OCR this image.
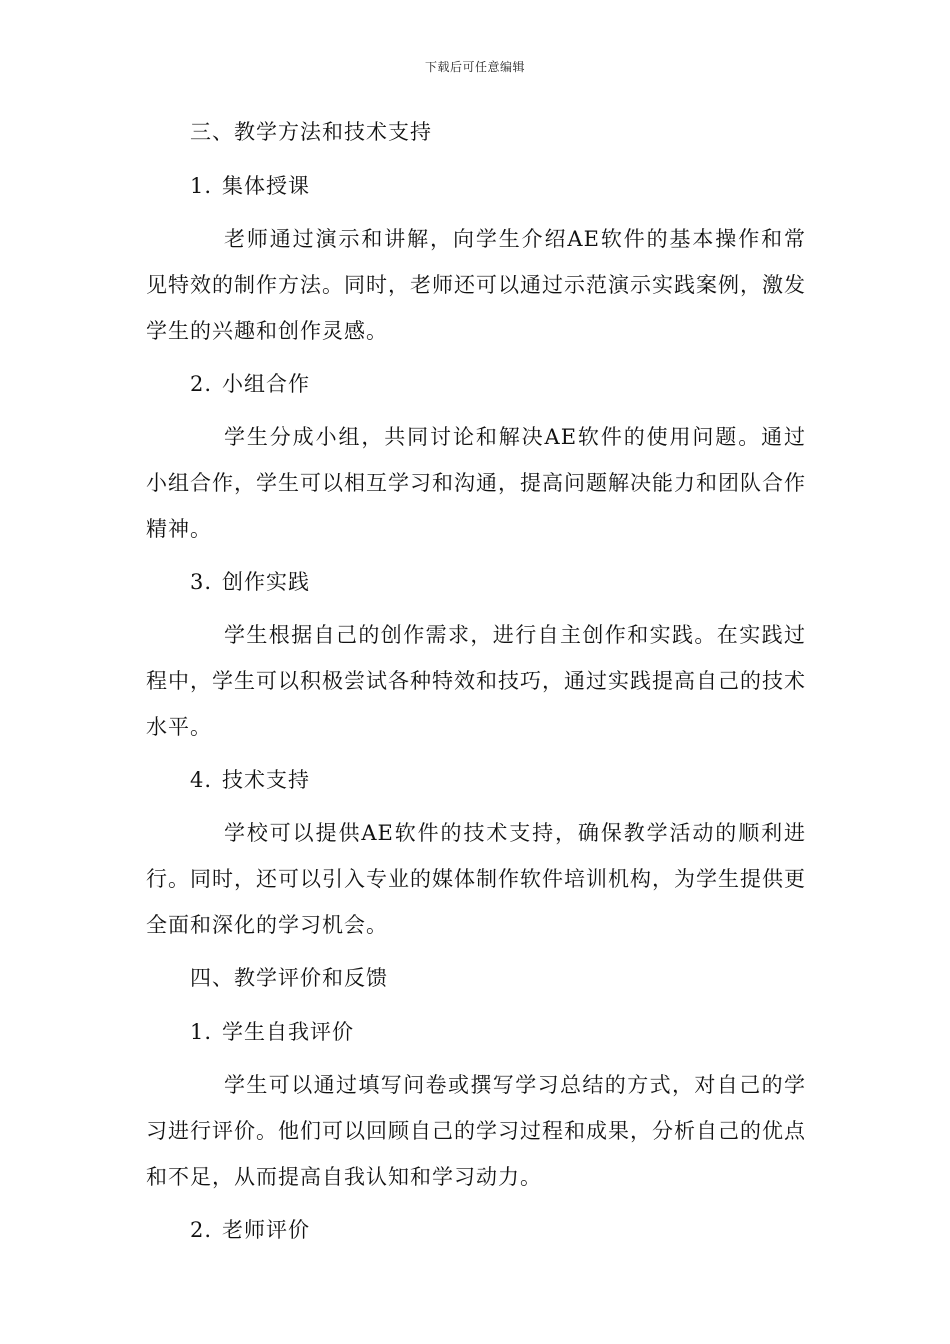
下载后可任意编辑
三、教学方法和技术支持
1. 集体授课

老师通过演示和讲解，向学生介绍AE软件的基本操作和常见特效的制作方法。同时，老师还可以通过示范演示实践案例，激发学生的兴趣和创作灵感。

2. 小组合作

学生分成小组，共同讨论和解决AE软件的使用问题。通过小组合作，学生可以相互学习和沟通，提高问题解决能力和团队合作精神。

3. 创作实践

学生根据自己的创作需求，进行自主创作和实践。在实践过程中，学生可以积极尝试各种特效和技巧，通过实践提高自己的技术水平。

4. 技术支持

学校可以提供AE软件的技术支持，确保教学活动的顺利进行。同时，还可以引入专业的媒体制作软件培训机构，为学生提供更全面和深化的学习机会。

四、教学评价和反馈
1. 学生自我评价

学生可以通过填写问卷或撰写学习总结的方式，对自己的学习进行评价。他们可以回顾自己的学习过程和成果，分析自己的优点和不足，从而提高自我认知和学习动力。

2. 老师评价
